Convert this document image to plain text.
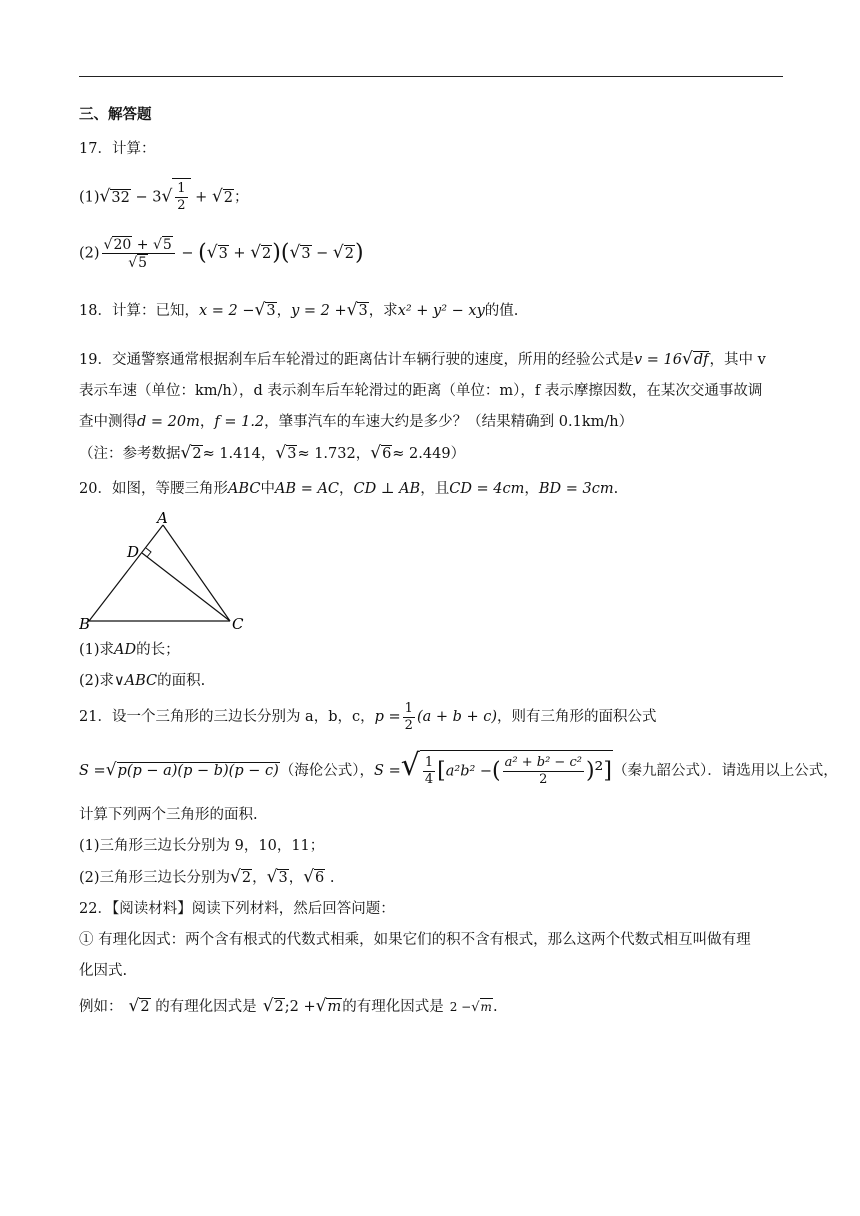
三、解答题
17．计算：
$(1)√32 - 3√ \frac{1}{2} + √2$；
$(2) \frac{√20 + √5}{√5} - (√3 + √2)(√3 - √2)$
18．计算：已知，x = 2 −√3，y = 2 +√3，求x² + y² − xy的值.
19．交通警察通常根据刹车后车轮滑过的距离估计车辆行驶的速度，所用的经验公式是v = 16√df，其中 v
表示车速（单位：km/h），d 表示刹车后车轮滑过的距离（单位：m），f 表示摩擦因数，在某次交通事故调
查中测得d = 20m，f = 1.2，肇事汽车的车速大约是多少？（结果精确到 0.1km/h）
（注：参考数据√2≈ 1.414，√3≈ 1.732，√6≈ 2.449）
20．如图，等腰三角形ABC中AB = AC，CD ⊥ AB，且CD = 4cm，BD = 3cm.
A
B	C
D
(1)求AD的长；
(2)求∨ABC的面积.
21．设一个三角形的三边长分别为 a，b，c，$p = \frac{1}{2} (a + b + c)$，则有三角形的面积公式
S =√p(p − a)(p − b)(p − c)（海伦公式），S =√ $\frac{1}{4} [a^2b^2$ −( $\frac{\text{a² + b² − c²}}{2} )^2$]（秦九韶公式）．请选用以上公式，
计算下列两个三角形的面积.
(1)三角形三边长分别为 9，10，11；
(2)三角形三边长分别为√2，√3，√6 .
22．【阅读材料】阅读下列材料，然后回答问题：
① 有理化因式：两个含有根式的代数式相乘，如果它们的积不含有根式，那么这两个代数式相互叫做有理
化因式.
例如： √2 的有理化因式是 √2;2 +√m的有理化因式是 2 −√m.
